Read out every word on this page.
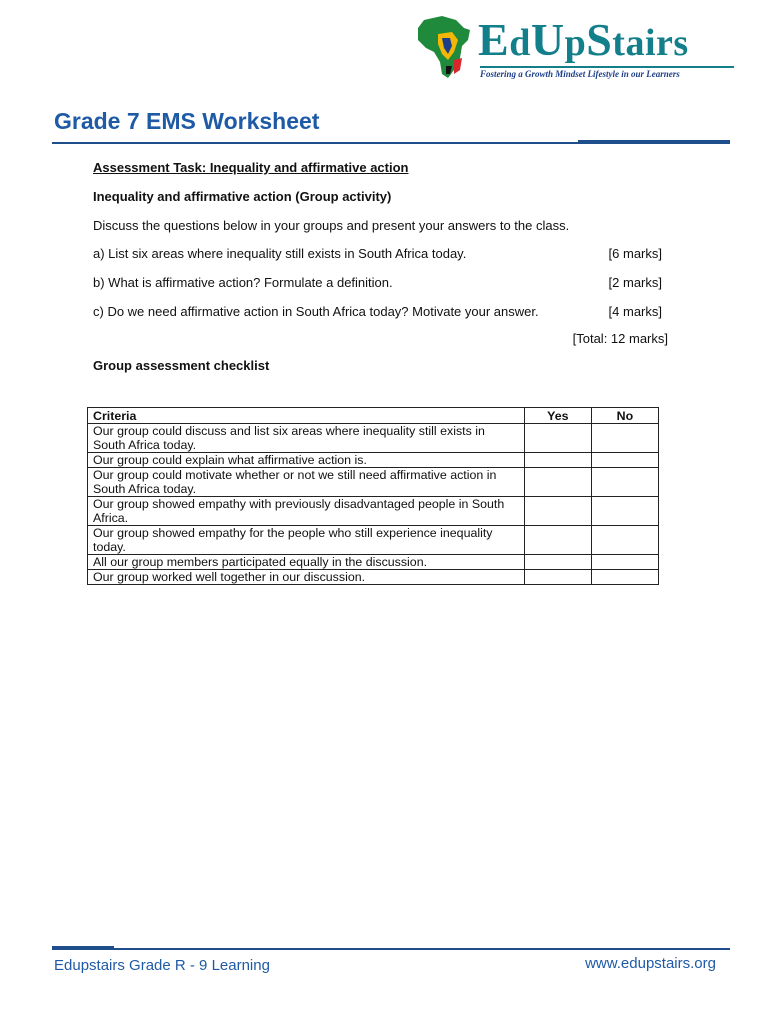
EdUpStairs
Fostering a Growth Mindset Lifestyle in our Learners
Grade 7 EMS Worksheet

Assessment Task: Inequality and affirmative action

Inequality and affirmative action (Group activity)

Discuss the questions below in your groups and present your answers to the class.

a) List six areas where inequality still exists in South Africa today.	[6 marks]
b) What is affirmative action? Formulate a definition.	[2 marks]
c) Do we need affirmative action in South Africa today? Motivate your answer.	[4 marks]

[Total: 12 marks]

Group assessment checklist

Criteria	Yes	No
Our group could discuss and list six areas where inequality still exists in South Africa today.		
Our group could explain what affirmative action is.		
Our group could motivate whether or not we still need affirmative action in South Africa today.		
Our group showed empathy with previously disadvantaged people in South Africa.		
Our group showed empathy for the people who still experience inequality today.		
All our group members participated equally in the discussion.		
Our group worked well together in our discussion.		
Edupstairs Grade R - 9 Learning	www.edupstairs.org
